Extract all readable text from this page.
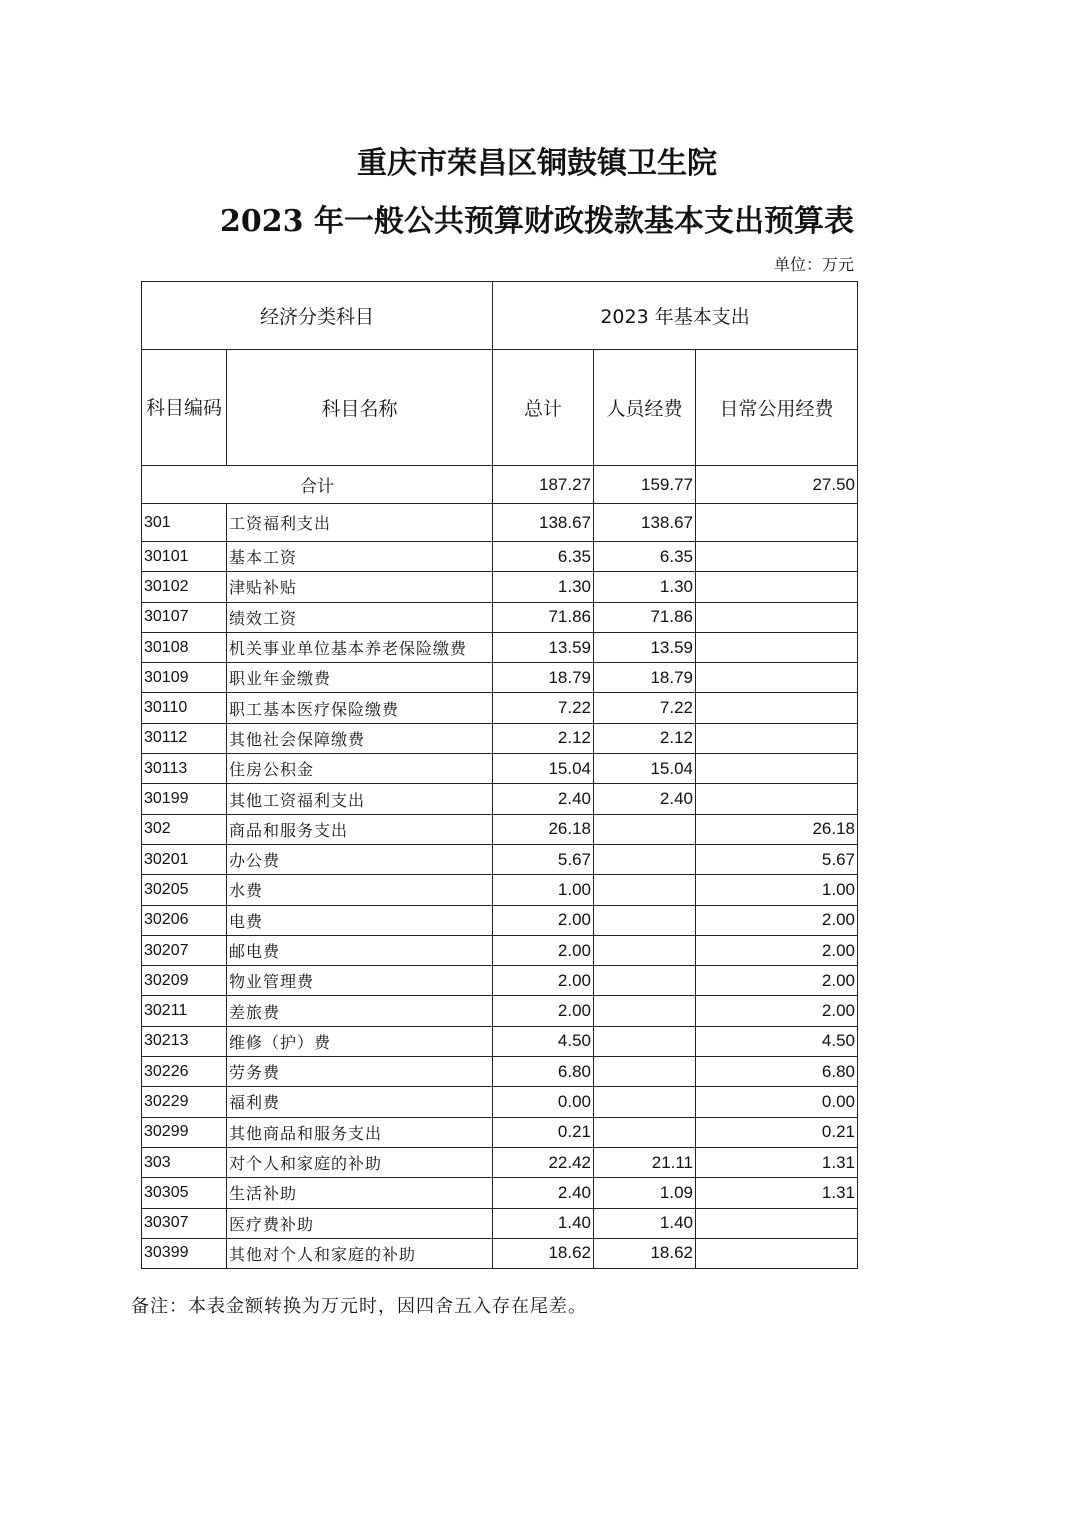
重庆市荣昌区铜鼓镇卫生院
2023 年一般公共预算财政拨款基本支出预算表
单位：万元
经济分类科目		2023 年基本支出		
科目编码	科目名称	总计	人员经费	日常公用经费
合计		187.27	159.77	27.50
301	工资福利支出	138.67	138.67	
30101	基本工资	6.35	6.35	
30102	津贴补贴	1.30	1.30	
30107	绩效工资	71.86	71.86	
30108	机关事业单位基本养老保险缴费	13.59	13.59	
30109	职业年金缴费	18.79	18.79	
30110	职工基本医疗保险缴费	7.22	7.22	
30112	其他社会保障缴费	2.12	2.12	
30113	住房公积金	15.04	15.04	
30199	其他工资福利支出	2.40	2.40	
302	商品和服务支出	26.18		26.18
30201	办公费	5.67		5.67
30205	水费	1.00		1.00
30206	电费	2.00		2.00
30207	邮电费	2.00		2.00
30209	物业管理费	2.00		2.00
30211	差旅费	2.00		2.00
30213	维修（护）费	4.50		4.50
30226	劳务费	6.80		6.80
30229	福利费	0.00		0.00
30299	其他商品和服务支出	0.21		0.21
303	对个人和家庭的补助	22.42	21.11	1.31
30305	生活补助	2.40	1.09	1.31
30307	医疗费补助	1.40	1.40	
30399	其他对个人和家庭的补助	18.62	18.62	
备注：本表金额转换为万元时，因四舍五入存在尾差。
